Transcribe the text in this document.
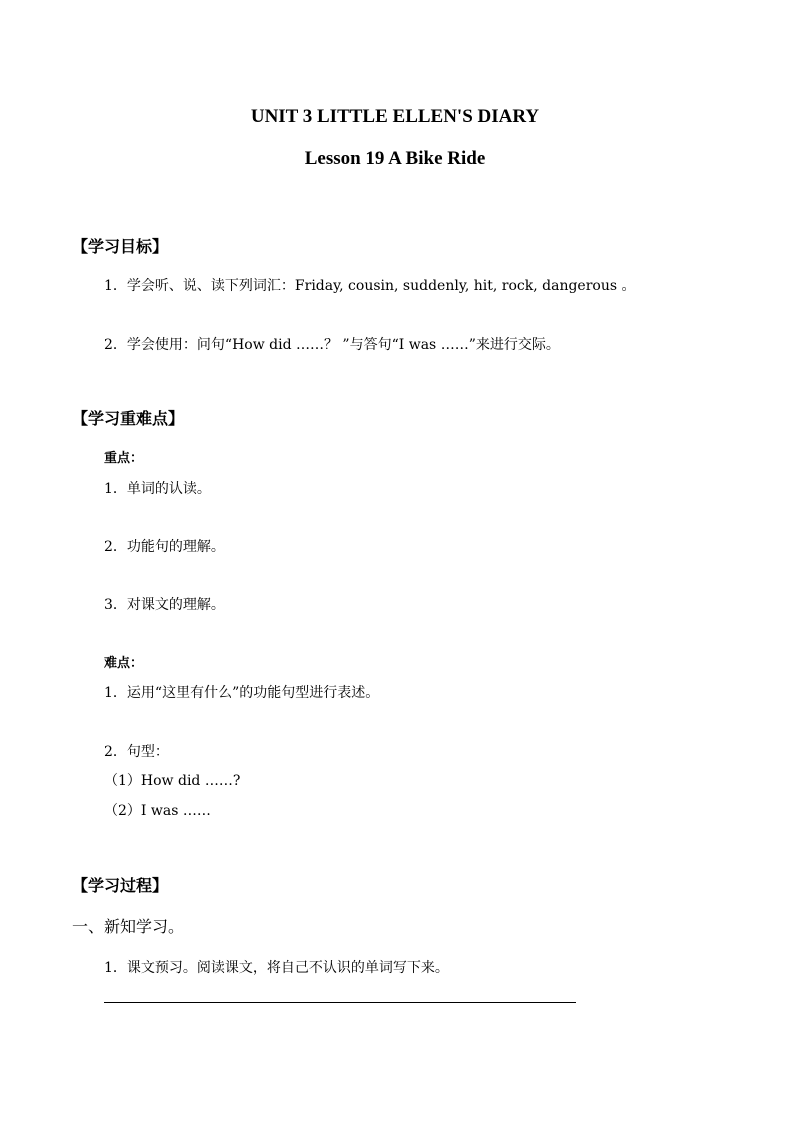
UNIT 3 LITTLE ELLEN'S DIARY
Lesson 19 A Bike Ride
【学习目标】
1．学会听、说、读下列词汇：Friday, cousin, suddenly, hit, rock, dangerous 。
2．学会使用：问句“How did ……？ ”与答句“I was ……”来进行交际。
【学习重难点】
重点：
1．单词的认读。
2．功能句的理解。
3．对课文的理解。
难点：
1．运用“这里有什么”的功能句型进行表述。
2．句型：
（1）How did ……?
（2）I was ……
【学习过程】
一、新知学习。
1．课文预习。阅读课文，将自己不认识的单词写下来。
